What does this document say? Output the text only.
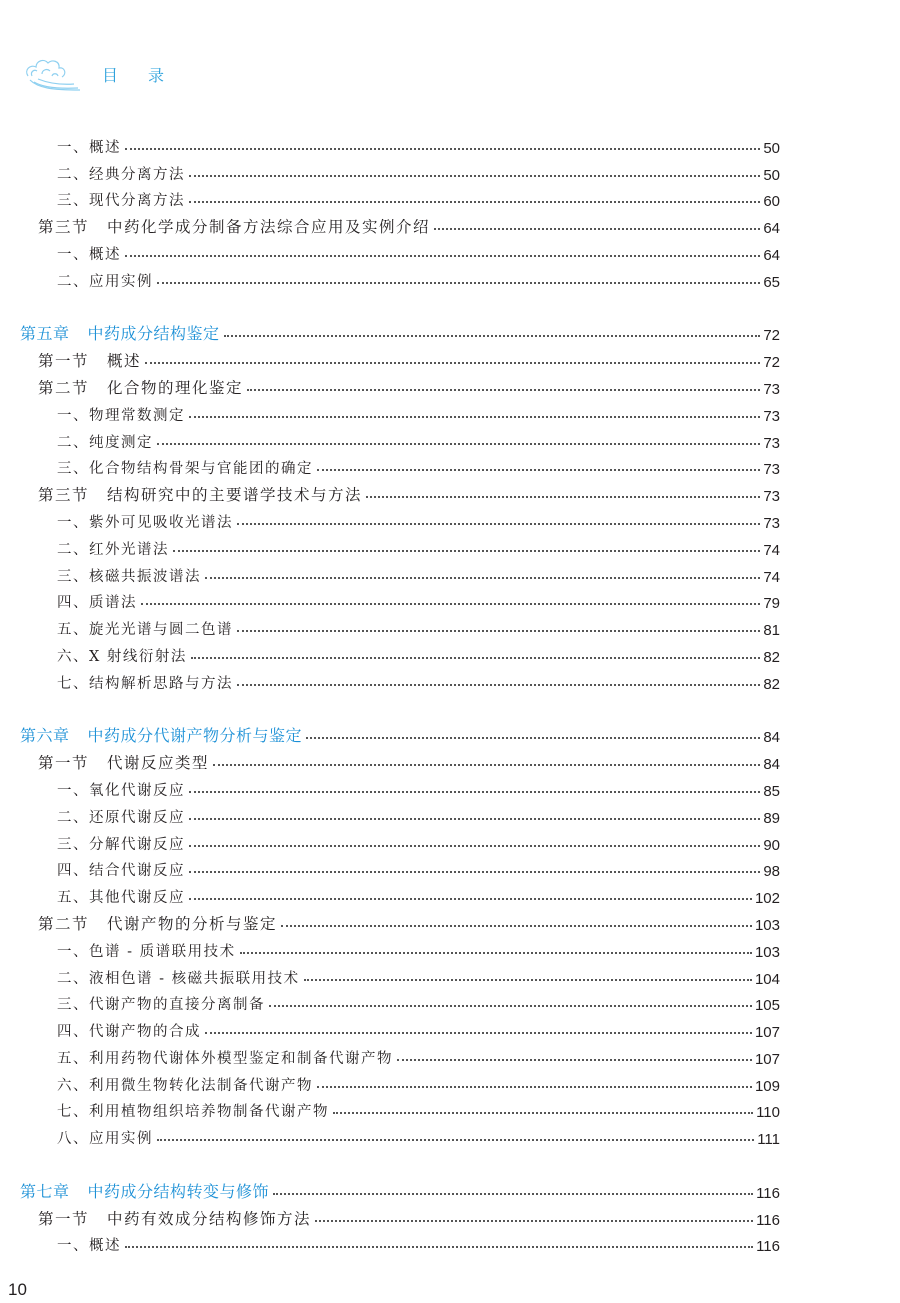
目录
一、概述	50
二、经典分离方法	50
三、现代分离方法	60
第三节 中药化学成分制备方法综合应用及实例介绍	64
一、概述	64
二、应用实例	65
第五章 中药成分结构鉴定	72
第一节 概述	72
第二节 化合物的理化鉴定	73
一、物理常数测定	73
二、纯度测定	73
三、化合物结构骨架与官能团的确定	73
第三节 结构研究中的主要谱学技术与方法	73
一、紫外可见吸收光谱法	73
二、红外光谱法	74
三、核磁共振波谱法	74
四、质谱法	79
五、旋光光谱与圆二色谱	81
六、X 射线衍射法	82
七、结构解析思路与方法	82
第六章 中药成分代谢产物分析与鉴定	84
第一节 代谢反应类型	84
一、氧化代谢反应	85
二、还原代谢反应	89
三、分解代谢反应	90
四、结合代谢反应	98
五、其他代谢反应	102
第二节 代谢产物的分析与鉴定	103
一、色谱 - 质谱联用技术	103
二、液相色谱 - 核磁共振联用技术	104
三、代谢产物的直接分离制备	105
四、代谢产物的合成	107
五、利用药物代谢体外模型鉴定和制备代谢产物	107
六、利用微生物转化法制备代谢产物	109
七、利用植物组织培养物制备代谢产物	110
八、应用实例	111
第七章 中药成分结构转变与修饰	116
第一节 中药有效成分结构修饰方法	116
一、概述	116
10
